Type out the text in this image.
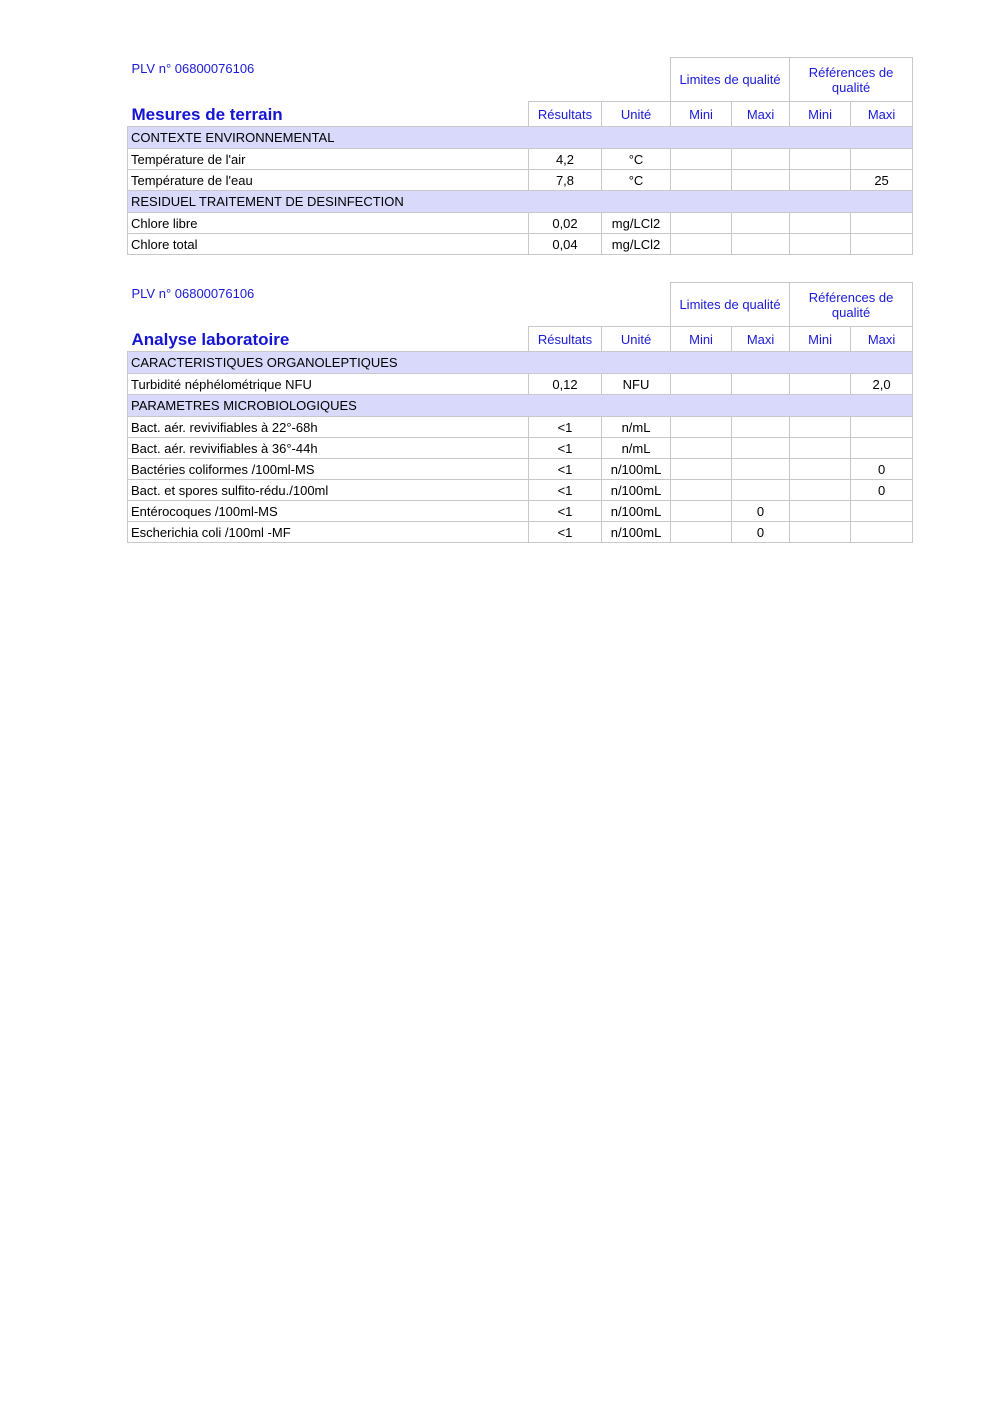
PLV n° 06800076106			Limites de qualité		Références de qualité	
Mesures de terrain	Résultats	Unité	Mini	Maxi	Mini	Maxi
CONTEXTE ENVIRONNEMENTAL						
Température de l'air	4,2	°C				
Température de l'eau	7,8	°C				25
RESIDUEL TRAITEMENT DE DESINFECTION						
Chlore libre	0,02	mg/LCl2				
Chlore total	0,04	mg/LCl2				
PLV n° 06800076106			Limites de qualité		Références de qualité	
Analyse laboratoire	Résultats	Unité	Mini	Maxi	Mini	Maxi
CARACTERISTIQUES ORGANOLEPTIQUES						
Turbidité néphélométrique NFU	0,12	NFU				2,0
PARAMETRES MICROBIOLOGIQUES						
Bact. aér. revivifiables à 22°-68h	<1	n/mL				
Bact. aér. revivifiables à 36°-44h	<1	n/mL				
Bactéries coliformes /100ml-MS	<1	n/100mL				0
Bact. et spores sulfito-rédu./100ml	<1	n/100mL				0
Entérocoques /100ml-MS	<1	n/100mL		0		
Escherichia coli /100ml -MF	<1	n/100mL		0		
